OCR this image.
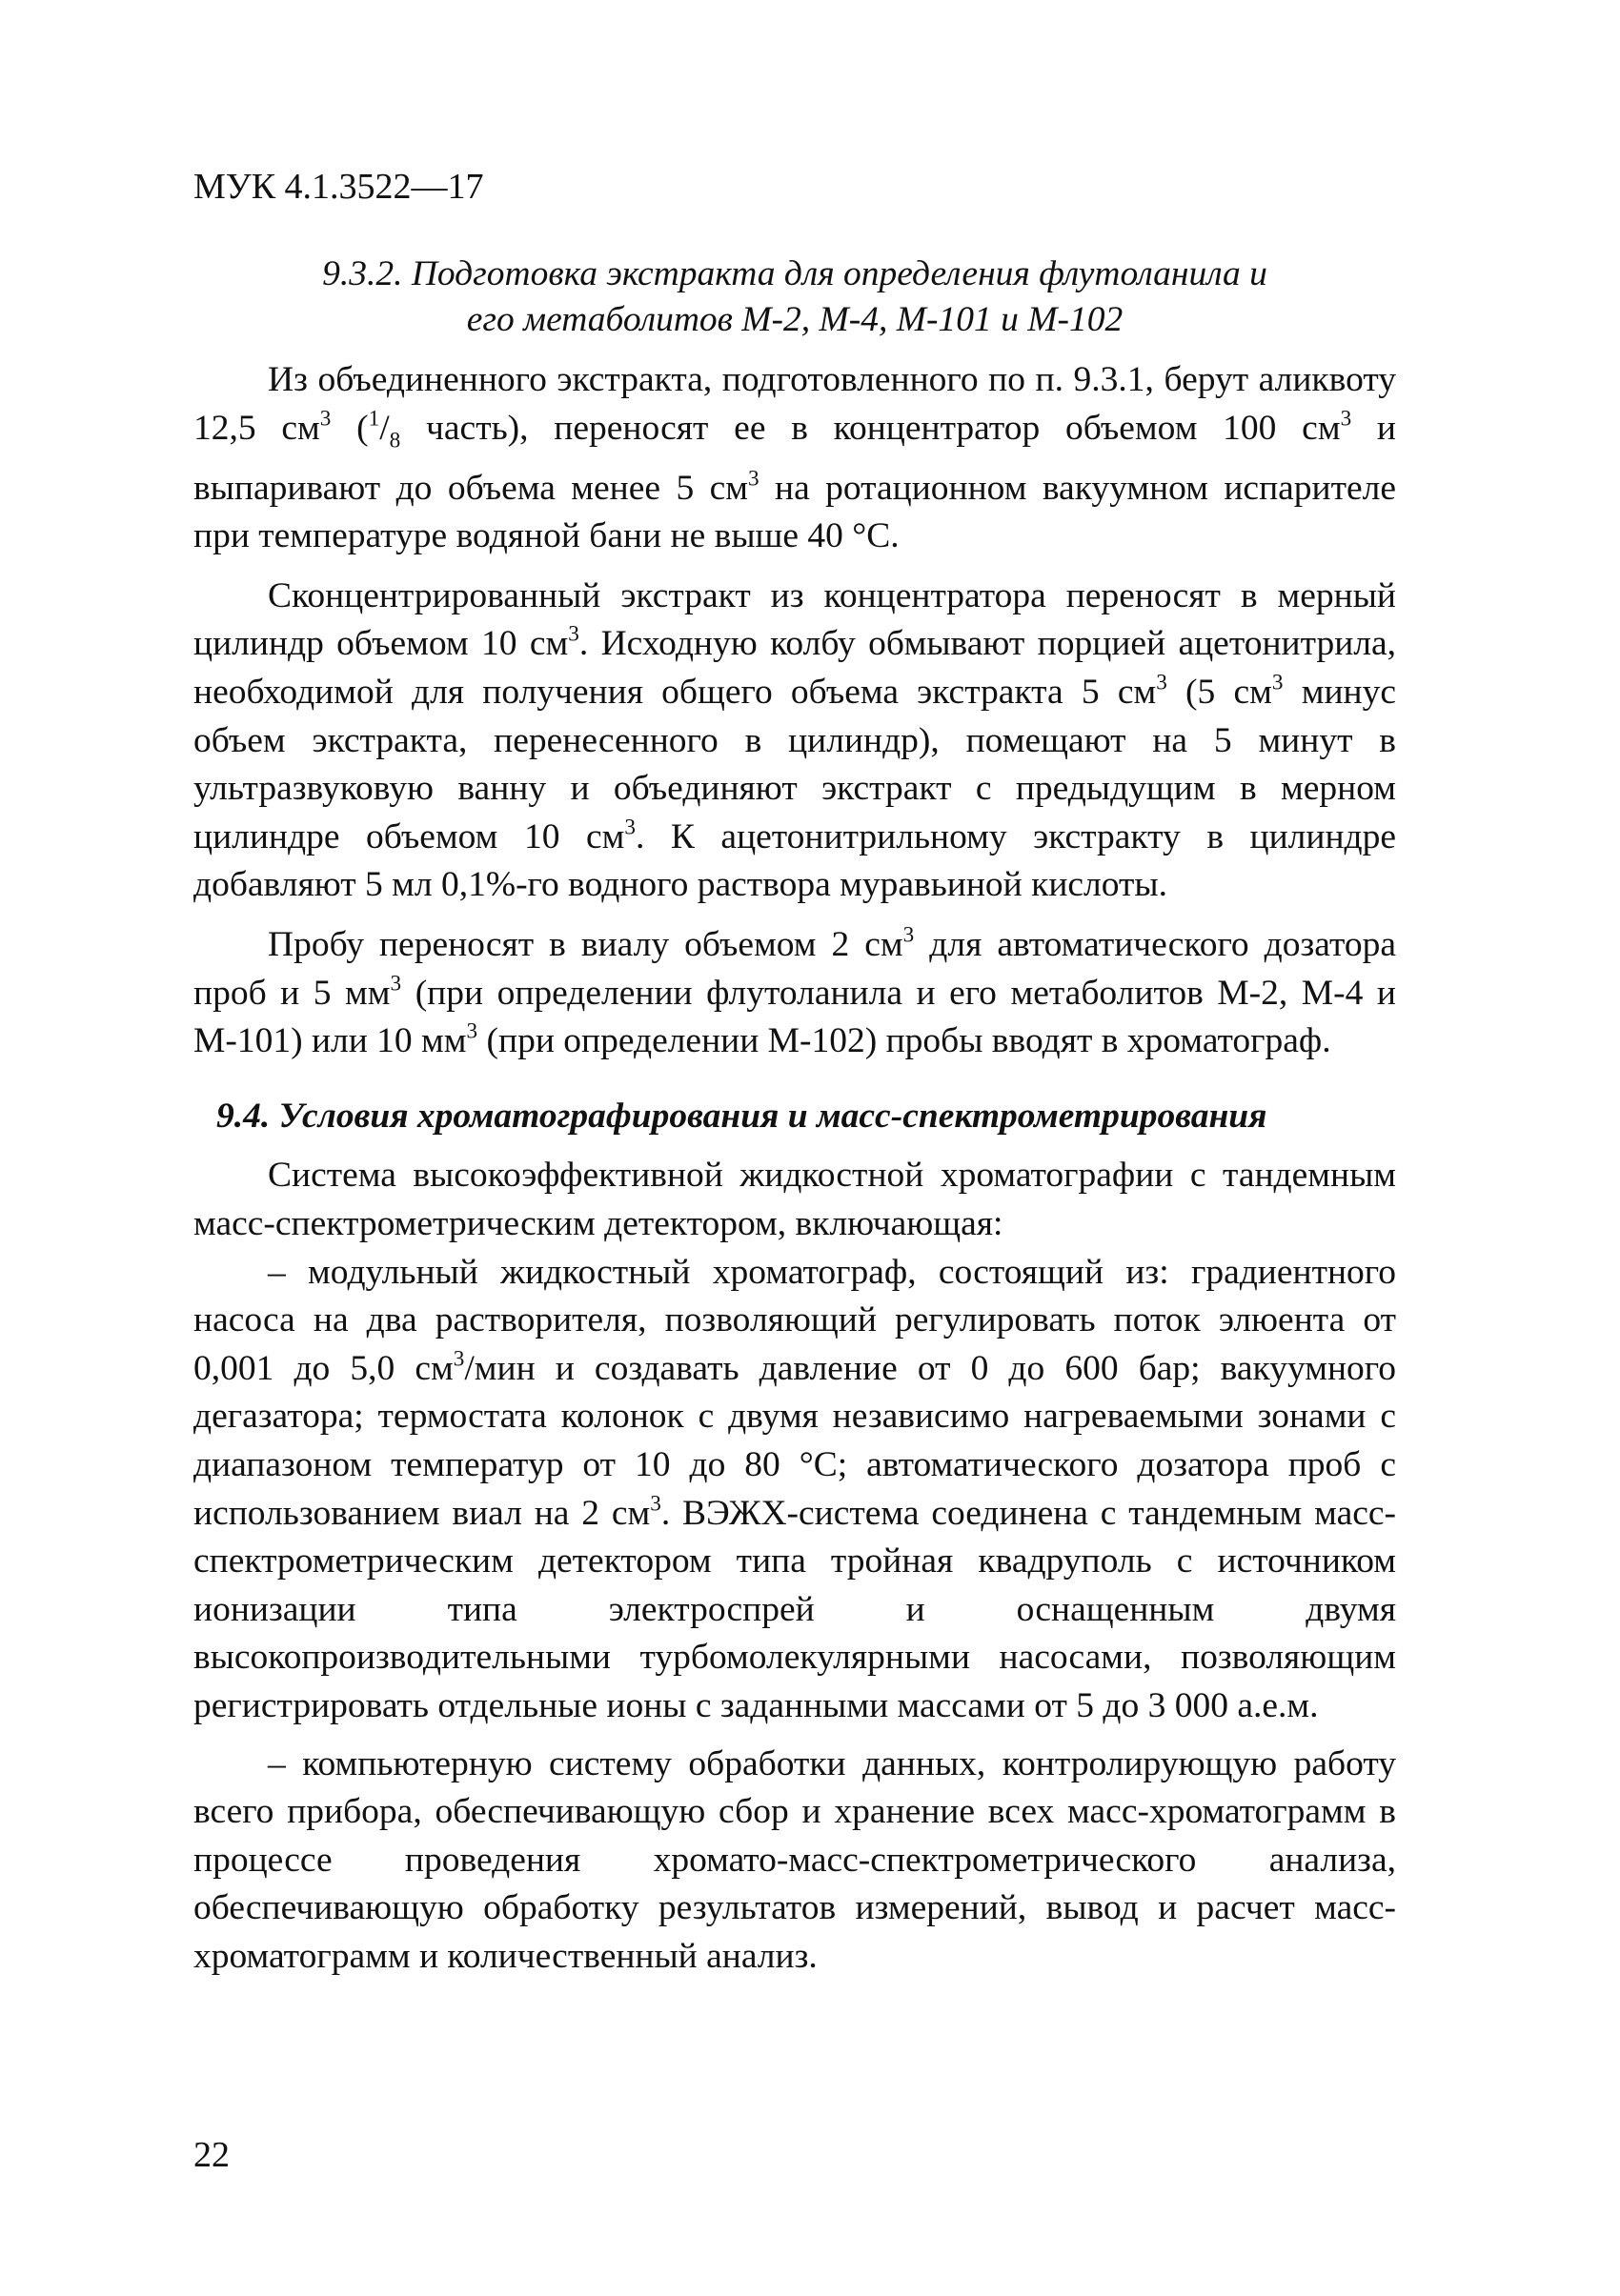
МУК 4.1.3522—17
9.3.2. Подготовка экстракта для определения флутоланила и
его метаболитов М-2, М-4, М-101 и М-102

Из объединенного экстракта, подготовленного по п. 9.3.1, берут аликвоту 12,5 $см^3$ ($^1/_8$ часть), переносят ее в концентратор объемом 100 $см^3$ и выпаривают до объема менее 5 $см^3$ на ротационном вакуумном испарителе при температуре водяной бани не выше 40 °С.

Сконцентрированный экстракт из концентратора переносят в мерный цилиндр объемом 10 $см^3$. Исходную колбу обмывают порцией ацетонитрила, необходимой для получения общего объема экстракта 5 $см^3$ (5 $см^3$ минус объем экстракта, перенесенного в цилиндр), помещают на 5 минут в ультразвуковую ванну и объединяют экстракт с предыдущим в мерном цилиндре объемом 10 $см^3$. К ацетонитрильному экстракту в цилиндре добавляют 5 мл 0,1%-го водного раствора муравьиной кислоты.

Пробу переносят в виалу объемом 2 $см^3$ для автоматического дозатора проб и 5 $мм^3$ (при определении флутоланила и его метаболитов М-2, М-4 и М-101) или 10 $мм^3$ (при определении М-102) пробы вводят в хроматограф.

9.4. Условия хроматографирования и масс-спектрометрирования

Система высокоэффективной жидкостной хроматографии с тандемным масс-спектрометрическим детектором, включающая:

– модульный жидкостный хроматограф, состоящий из: градиентного насоса на два растворителя, позволяющий регулировать поток элюента от 0,001 до 5,0 $см^3$/мин и создавать давление от 0 до 600 бар; вакуумного дегазатора; термостата колонок с двумя независимо нагреваемыми зонами с диапазоном температур от 10 до 80 °С; автоматического дозатора проб с использованием виал на 2 $см^3$. ВЭЖХ-система соединена с тандемным масс-спектрометрическим детектором типа тройная квадруполь с источником ионизации типа электроспрей и оснащенным двумя высокопроизводительными турбомолекулярными насосами, позволяющим регистрировать отдельные ионы с заданными массами от 5 до 3 000 а.е.м.

– компьютерную систему обработки данных, контролирующую работу всего прибора, обеспечивающую сбор и хранение всех масс-хроматограмм в процессе проведения хромато-масс-спектрометрического анализа, обеспечивающую обработку результатов измерений, вывод и расчет масс-хроматограмм и количественный анализ.

22
